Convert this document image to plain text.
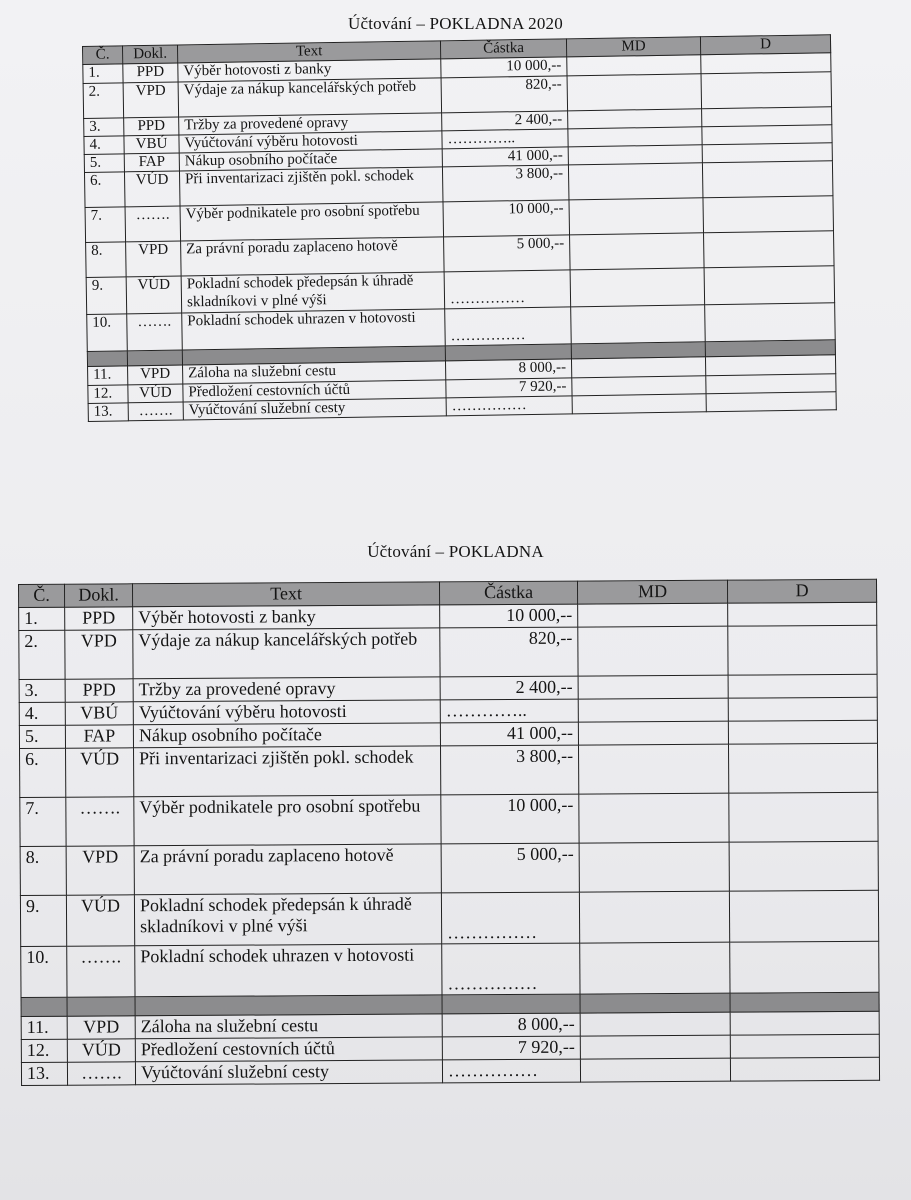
Účtování – POKLADNA 2020
Č.	Dokl.	Text	Částka	MD	D
1.	PPD	Výběr hotovosti z banky	10 000,--		
2.	VPD	Výdaje za nákup kancelářských potřeb	820,--		
3.	PPD	Tržby za provedené opravy	2 400,--		
4.	VBÚ	Vyúčtování výběru hotovosti	…………..		
5.	FAP	Nákup osobního počítače	41 000,--		
6.	VÚD	Při inventarizaci zjištěn pokl. schodek	3 800,--		
7.	…….	Výběr podnikatele pro osobní spotřebu	10 000,--		
8.	VPD	Za právní poradu zaplaceno hotově	5 000,--		
9.	VÚD	Pokladní schodek předepsán k úhradě skladníkovi v plné výši	……………		
10.	…….	Pokladní schodek uhrazen v hotovosti	……………		

11.	VPD	Záloha na služební cestu	8 000,--		
12.	VÚD	Předložení cestovních účtů	7 920,--		
13.	…….	Vyúčtování služební cesty	……………		
Účtování – POKLADNA
Č.	Dokl.	Text	Částka	MD	D
1.	PPD	Výběr hotovosti z banky	10 000,--		
2.	VPD	Výdaje za nákup kancelářských potřeb	820,--		
3.	PPD	Tržby za provedené opravy	2 400,--		
4.	VBÚ	Vyúčtování výběru hotovosti	…………..		
5.	FAP	Nákup osobního počítače	41 000,--		
6.	VÚD	Při inventarizaci zjištěn pokl. schodek	3 800,--		
7.	…….	Výběr podnikatele pro osobní spotřebu	10 000,--		
8.	VPD	Za právní poradu zaplaceno hotově	5 000,--		
9.	VÚD	Pokladní schodek předepsán k úhradě skladníkovi v plné výši	……………		
10.	…….	Pokladní schodek uhrazen v hotovosti	……………		

11.	VPD	Záloha na služební cestu	8 000,--		
12.	VÚD	Předložení cestovních účtů	7 920,--		
13.	…….	Vyúčtování služební cesty	……………		
